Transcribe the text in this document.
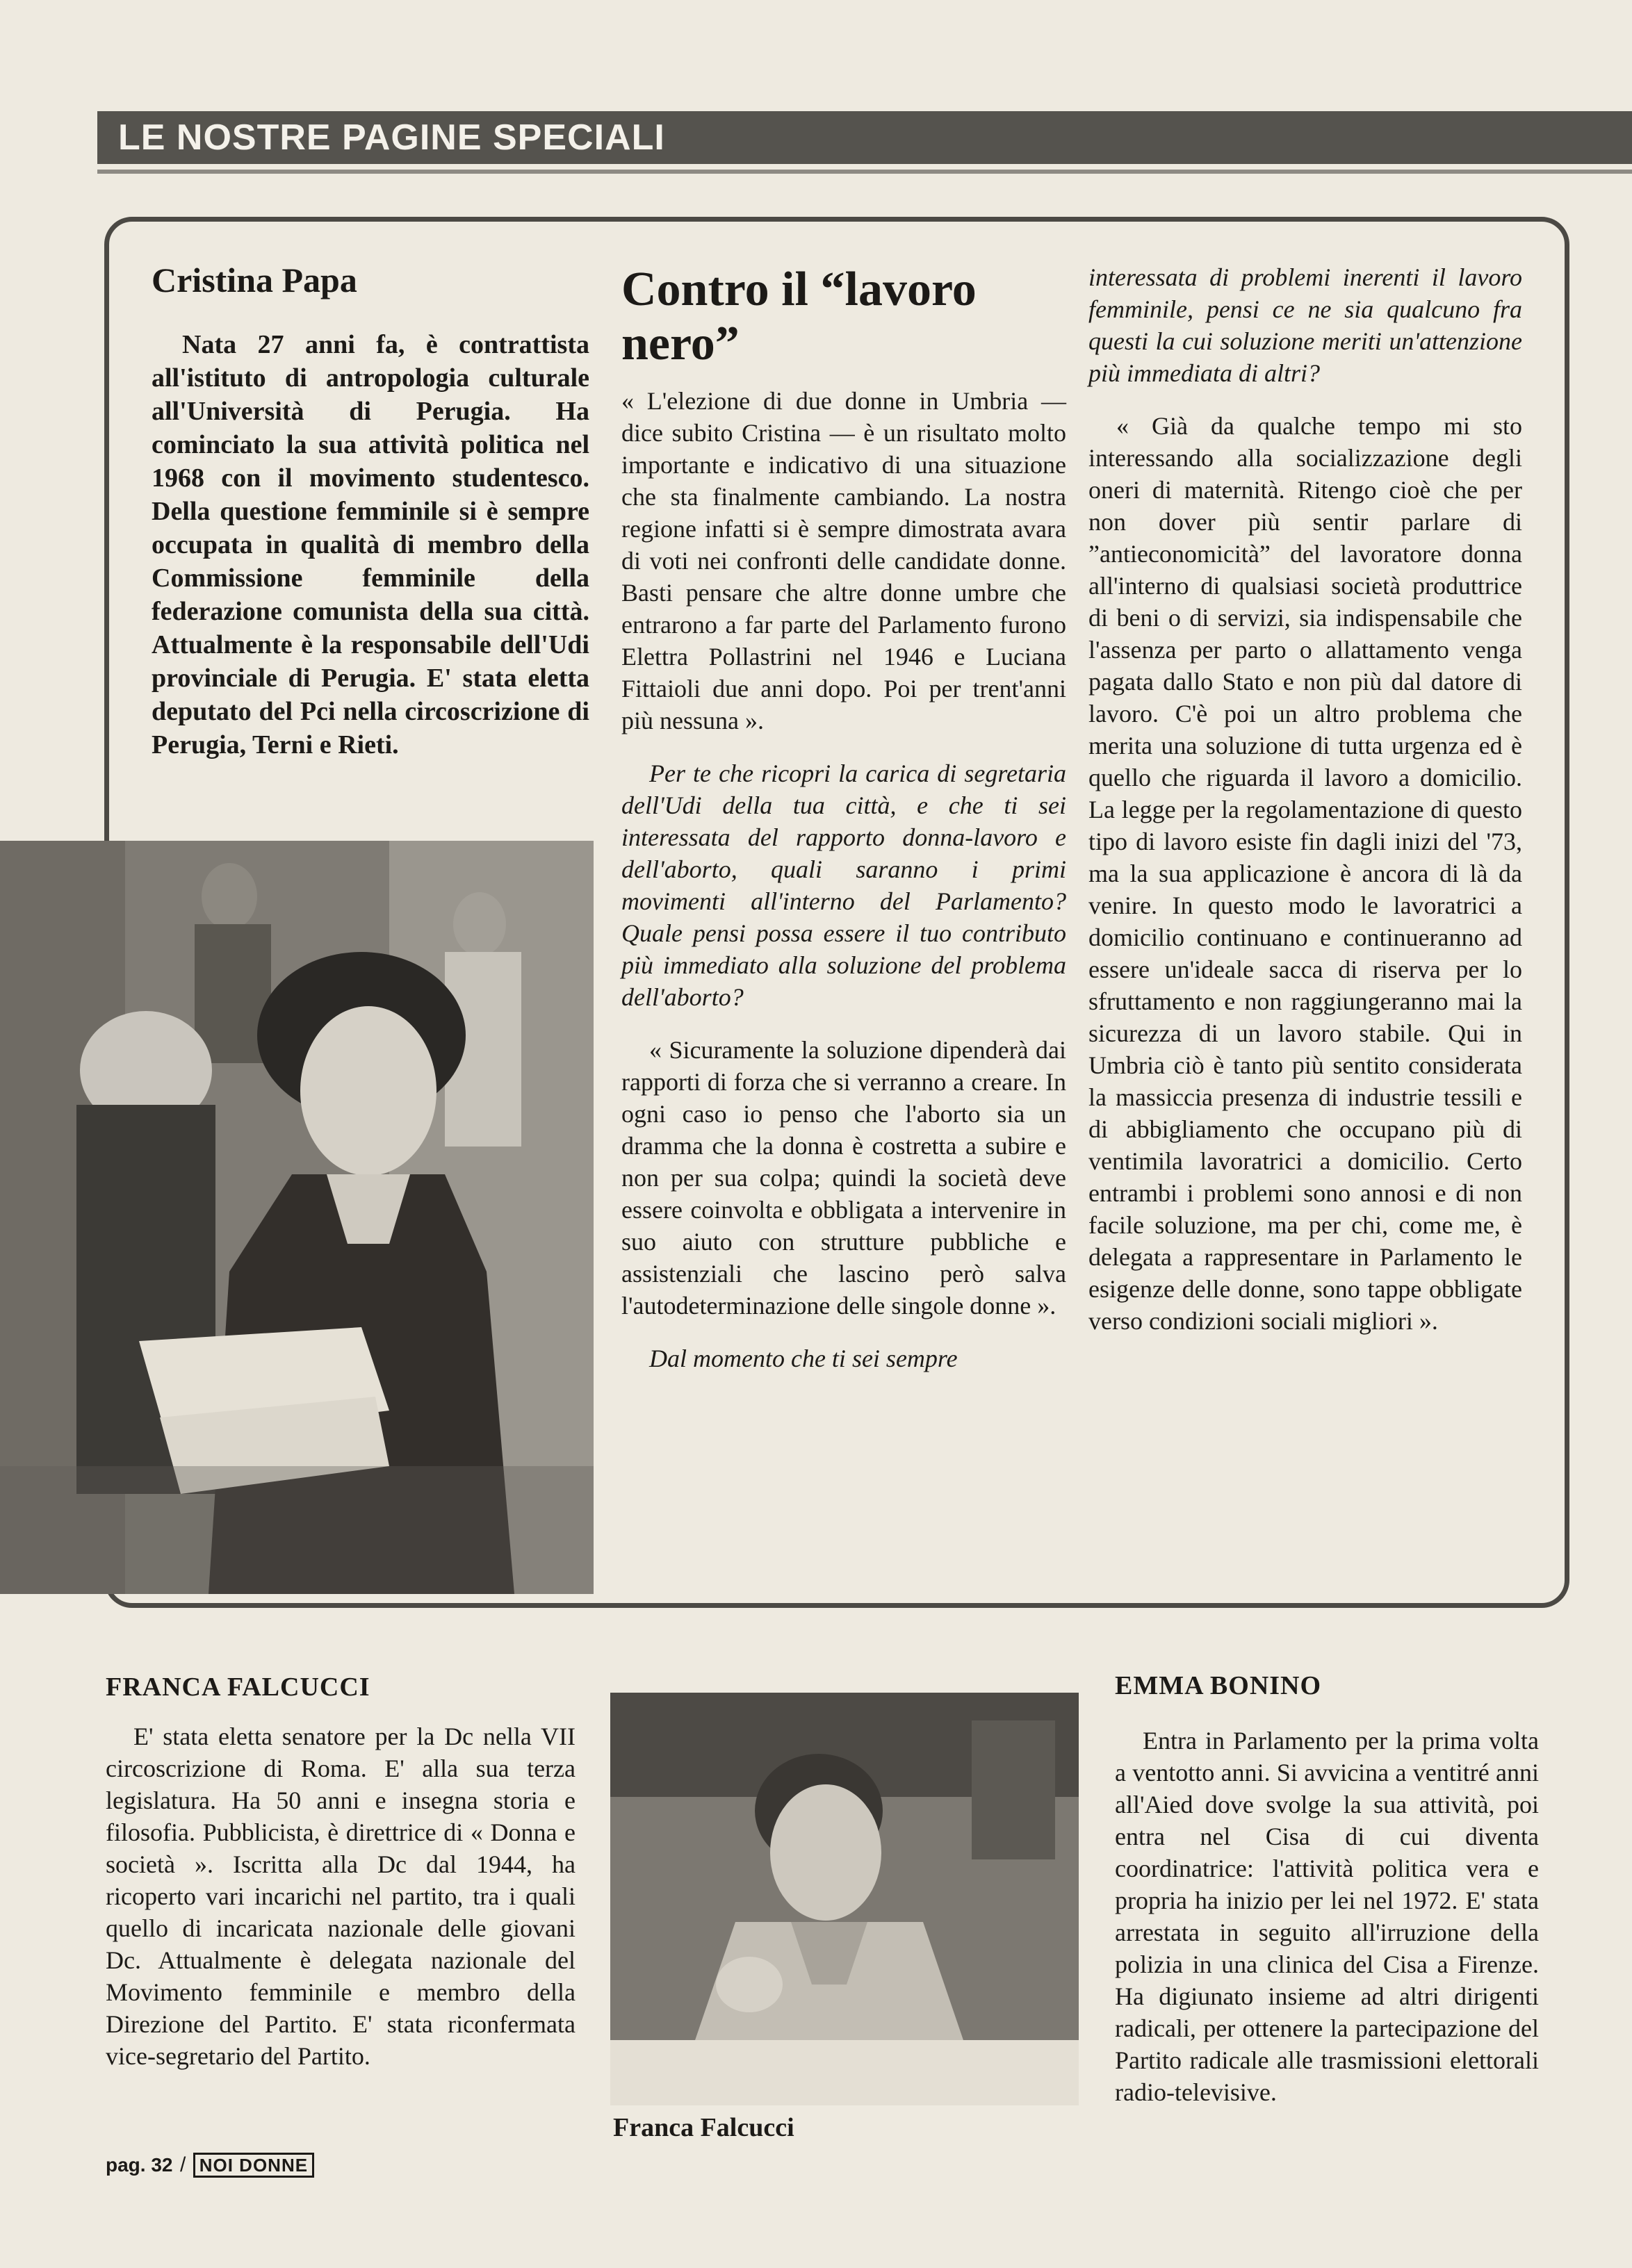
LE NOSTRE PAGINE SPECIALI
Cristina Papa
Nata 27 anni fa, è contrattista all'istituto di antropologia culturale all'Università di Perugia. Ha cominciato la sua attività politica nel 1968 con il movimento studentesco. Della questione femminile si è sempre occupata in qualità di membro della Commissione femminile della federazione comunista della sua città. Attualmente è la responsabile dell'Udi provinciale di Perugia. E' stata eletta deputato del Pci nella circoscrizione di Perugia, Terni e Rieti.
Contro il “lavoro nero”

« L'elezione di due donne in Umbria — dice subito Cristina — è un risultato molto importante e indicativo di una situazione che sta finalmente cambiando. La nostra regione infatti si è sempre dimostrata avara di voti nei confronti delle candidate donne. Basti pensare che altre donne umbre che entrarono a far parte del Parlamento furono Elettra Pollastrini nel 1946 e Luciana Fittaioli due anni dopo. Poi per trent'anni più nessuna ».

Per te che ricopri la carica di segretaria dell'Udi della tua città, e che ti sei interessata del rapporto donna-lavoro e dell'aborto, quali saranno i primi movimenti all'interno del Parlamento? Quale pensi possa essere il tuo contributo più immediato alla soluzione del problema dell'aborto?

« Sicuramente la soluzione dipenderà dai rapporti di forza che si verranno a creare. In ogni caso io penso che l'aborto sia un dramma che la donna è costretta a subire e non per sua colpa; quindi la società deve essere coinvolta e obbligata a intervenire in suo aiuto con strutture pubbliche e assistenziali che lascino però salva l'autodeterminazione delle singole donne ».

Dal momento che ti sei sempre

interessata di problemi inerenti il lavoro femminile, pensi ce ne sia qualcuno fra questi la cui soluzione meriti un'attenzione più immediata di altri?

« Già da qualche tempo mi sto interessando alla socializzazione degli oneri di maternità. Ritengo cioè che per non dover più sentir parlare di ”antieconomicità” del lavoratore donna all'interno di qualsiasi società produttrice di beni o di servizi, sia indispensabile che l'assenza per parto o allattamento venga pagata dallo Stato e non più dal datore di lavoro. C'è poi un altro problema che merita una soluzione di tutta urgenza ed è quello che riguarda il lavoro a domicilio. La legge per la regolamentazione di questo tipo di lavoro esiste fin dagli inizi del '73, ma la sua applicazione è ancora di là da venire. In questo modo le lavoratrici a domicilio continuano e continueranno ad essere un'ideale sacca di riserva per lo sfruttamento e non raggiungeranno mai la sicurezza di un lavoro stabile. Qui in Umbria ciò è tanto più sentito considerata la massiccia presenza di industrie tessili e di abbigliamento che occupano più di ventimila lavoratrici a domicilio. Certo entrambi i problemi sono annosi e di non facile soluzione, ma per chi, come me, è delegata a rappresentare in Parlamento le esigenze delle donne, sono tappe obbligate verso condizioni sociali migliori ».

FRANCA FALCUCCI
E' stata eletta senatore per la Dc nella VII circoscrizione di Roma. E' alla sua terza legislatura. Ha 50 anni e insegna storia e filosofia. Pubblicista, è direttrice di « Donna e società ». Iscritta alla Dc dal 1944, ha ricoperto vari incarichi nel partito, tra i quali quello di incaricata nazionale delle giovani Dc. Attualmente è delegata nazionale del Movimento femminile e membro della Direzione del Partito. E' stata riconfermata vice-segretario del Partito.
Franca Falcucci
EMMA BONINO
Entra in Parlamento per la prima volta a ventotto anni. Si avvicina a ventitré anni all'Aied dove svolge la sua attività, poi entra nel Cisa di cui diventa coordinatrice: l'attività politica vera e propria ha inizio per lei nel 1972. E' stata arrestata in seguito all'irruzione della polizia in una clinica del Cisa a Firenze. Ha digiunato insieme ad altri dirigenti radicali, per ottenere la partecipazione del Partito radicale alle trasmissioni elettorali radio-televisive.
pag. 32 / NOI DONNE
